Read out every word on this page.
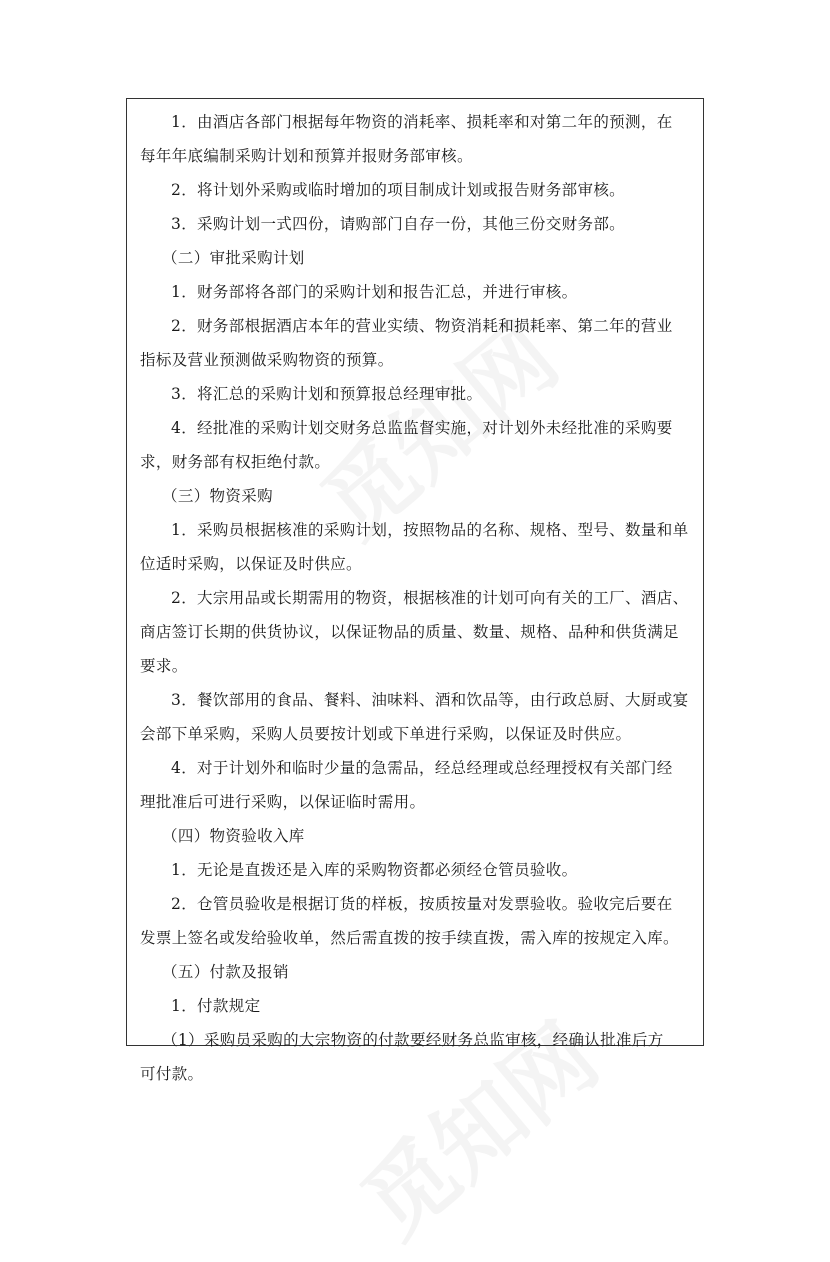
1．由酒店各部门根据每年物资的消耗率、损耗率和对第二年的预测，在
每年年底编制采购计划和预算并报财务部审核。
2．将计划外采购或临时增加的项目制成计划或报告财务部审核。
3．采购计划一式四份，请购部门自存一份，其他三份交财务部。
（二）审批采购计划
1．财务部将各部门的采购计划和报告汇总，并进行审核。
2．财务部根据酒店本年的营业实绩、物资消耗和损耗率、第二年的营业
指标及营业预测做采购物资的预算。
3．将汇总的采购计划和预算报总经理审批。
4．经批准的采购计划交财务总监监督实施，对计划外未经批准的采购要
求，财务部有权拒绝付款。
（三）物资采购
1．采购员根据核准的采购计划，按照物品的名称、规格、型号、数量和单
位适时采购，以保证及时供应。
2．大宗用品或长期需用的物资，根据核准的计划可向有关的工厂、酒店、
商店签订长期的供货协议，以保证物品的质量、数量、规格、品种和供货满足
要求。
3．餐饮部用的食品、餐料、油味料、酒和饮品等，由行政总厨、大厨或宴
会部下单采购，采购人员要按计划或下单进行采购，以保证及时供应。
4．对于计划外和临时少量的急需品，经总经理或总经理授权有关部门经
理批准后可进行采购，以保证临时需用。
（四）物资验收入库
1．无论是直拨还是入库的采购物资都必须经仓管员验收。
2．仓管员验收是根据订货的样板，按质按量对发票验收。验收完后要在
发票上签名或发给验收单，然后需直拨的按手续直拨，需入库的按规定入库。
（五）付款及报销
1．付款规定
（1）采购员采购的大宗物资的付款要经财务总监审核，经确认批准后方
可付款。
